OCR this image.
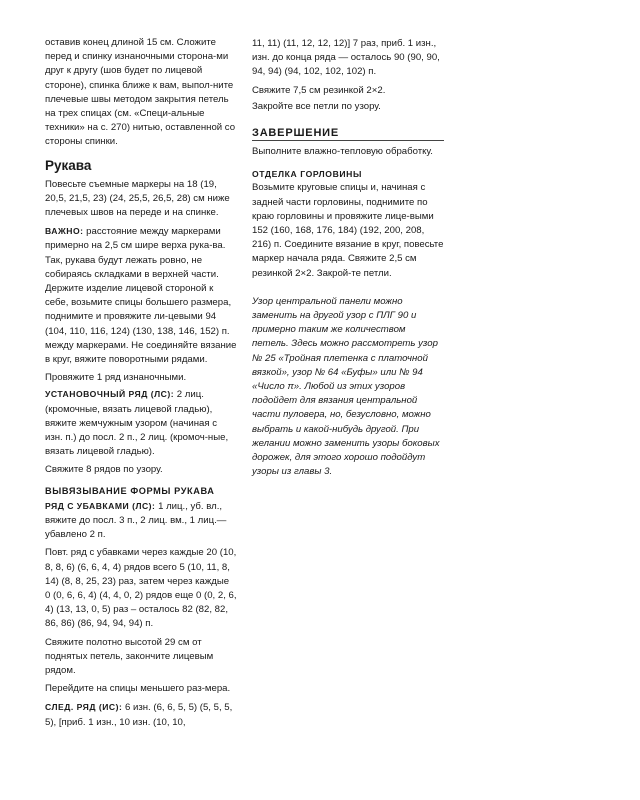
оставив конец длиной 15 см. Сложите перед и спинку изнаночными сторона-ми друг к другу (шов будет по лицевой стороне), спинка ближе к вам, выпол-ните плечевые швы методом закрытия петель на трех спицах (см. «Специ-альные техники» на с. 270) нитью, оставленной со стороны спинки.

Рукава

Повесьте съемные маркеры на 18 (19, 20,5, 21,5, 23) (24, 25,5, 26,5, 28) см ниже плечевых швов на переде и на спинке.

ВАЖНО: расстояние между маркерами примерно на 2,5 см шире верха рука-ва. Так, рукава будут лежать ровно, не собираясь складками в верхней части. Держите изделие лицевой стороной к себе, возьмите спицы большего размера, поднимите и провяжите ли-цевыми 94 (104, 110, 116, 124) (130, 138, 146, 152) п. между маркерами. Не соединяйте вязание в круг, вяжите поворотными рядами.

Провяжите 1 ряд изнаночными.

УСТАНОВОЧНЫЙ РЯД (ЛС): 2 лиц. (кромочные, вязать лицевой гладью), вяжите жемчужным узором (начиная с изн. п.) до посл. 2 п., 2 лиц. (кромоч-ные, вязать лицевой гладью).

Свяжите 8 рядов по узору.

ВЫВЯЗЫВАНИЕ ФОРМЫ РУКАВА

РЯД С УБАВКАМИ (ЛС): 1 лиц., уб. вл., вяжите до посл. 3 п., 2 лиц. вм., 1 лиц.—убавлено 2 п.

Повт. ряд с убавками через каждые 20 (10, 8, 8, 6) (6, 6, 4, 4) рядов всего 5 (10, 11, 8, 14) (8, 8, 25, 23) раз, затем через каждые 0 (0, 6, 6, 4) (4, 4, 0, 2) рядов еще 0 (0, 2, 6, 4) (13, 13, 0, 5) раз – осталось 82 (82, 82, 86, 86) (86, 94, 94, 94) п.

Свяжите полотно высотой 29 см от поднятых петель, закончите лицевым рядом.

Перейдите на спицы меньшего раз-мера.

СЛЕД. РЯД (ИС): 6 изн. (6, 6, 5, 5) (5, 5, 5, 5), [приб. 1 изн., 10 изн. (10, 10,

11, 11) (11, 12, 12, 12)] 7 раз, приб. 1 изн., изн. до конца ряда — осталось 90 (90, 90, 94, 94) (94, 102, 102, 102) п.

Свяжите 7,5 см резинкой 2×2.

Закройте все петли по узору.

ЗАВЕРШЕНИЕ

Выполните влажно-тепловую обработку.

ОТДЕЛКА ГОРЛОВИНЫ

Возьмите круговые спицы и, начиная с задней части горловины, поднимите по краю горловины и провяжите лице-выми 152 (160, 168, 176, 184) (192, 200, 208, 216) п. Соедините вязание в круг, повесьте маркер начала ряда. Свяжите 2,5 см резинкой 2×2. Закрой-те петли.

Узор центральной панели можно заменить на другой узор с ПЛГ 90 и примерно таким же количеством петель. Здесь можно рассмотреть узор № 25 «Тройная плетенка с платочной вязкой», узор № 64 «Буфы» или № 94 «Число π». Любой из этих узоров подойдет для вязания центральной части пуловера, но, безусловно, можно выбрать и какой-нибудь другой. При желании можно заменить узоры боковых дорожек, для этого хорошо подойдут узоры из главы 3.
